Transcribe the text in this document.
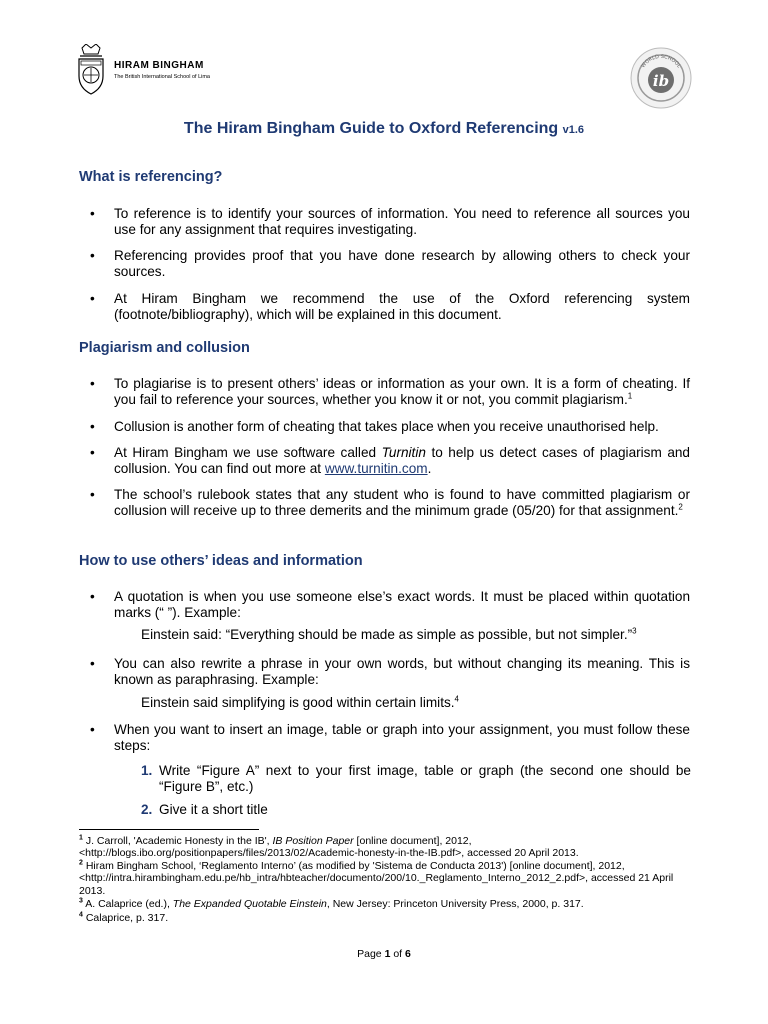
HIRAM BINGHAM
The British International School of Lima	ib
WORLD SCHOOL
The Hiram Bingham Guide to Oxford Referencing v1.6
What is referencing?
• To reference is to identify your sources of information. You need to reference all sources you use for any assignment that requires investigating.
• Referencing provides proof that you have done research by allowing others to check your sources.
• At Hiram Bingham we recommend the use of the Oxford referencing system (footnote/bibliography), which will be explained in this document.
Plagiarism and collusion
• To plagiarise is to present others’ ideas or information as your own. It is a form of cheating. If you fail to reference your sources, whether you know it or not, you commit plagiarism.$^1$
• Collusion is another form of cheating that takes place when you receive unauthorised help.
• At Hiram Bingham we use software called Turnitin to help us detect cases of plagiarism and collusion. You can find out more at www.turnitin.com.
• The school’s rulebook states that any student who is found to have committed plagiarism or collusion will receive up to three demerits and the minimum grade (05/20) for that assignment.$^2$
How to use others’ ideas and information
• A quotation is when you use someone else’s exact words. It must be placed within quotation marks (“ ”). Example:
Einstein said: “Everything should be made as simple as possible, but not simpler.”$^3$
• You can also rewrite a phrase in your own words, but without changing its meaning. This is known as paraphrasing. Example:
Einstein said simplifying is good within certain limits.$^4$
• When you want to insert an image, table or graph into your assignment, you must follow these steps:
1. Write “Figure A” next to your first image, table or graph (the second one should be “Figure B”, etc.)
2. Give it a short title
$^1$ J. Carroll, 'Academic Honesty in the IB', IB Position Paper [online document], 2012, <http://blogs.ibo.org/positionpapers/files/2013/02/Academic-honesty-in-the-IB.pdf>, accessed 20 April 2013.
$^2$ Hiram Bingham School, ‘Reglamento Interno’ (as modified by 'Sistema de Conducta 2013') [online document], 2012, <http://intra.hirambingham.edu.pe/hb_intra/hbteacher/documento/200/10._Reglamento_Interno_2012_2.pdf>, accessed 21 April 2013.
$^3$ A. Calaprice (ed.), The Expanded Quotable Einstein, New Jersey: Princeton University Press, 2000, p. 317.
$^4$ Calaprice, p. 317.
Page 1 of 6
